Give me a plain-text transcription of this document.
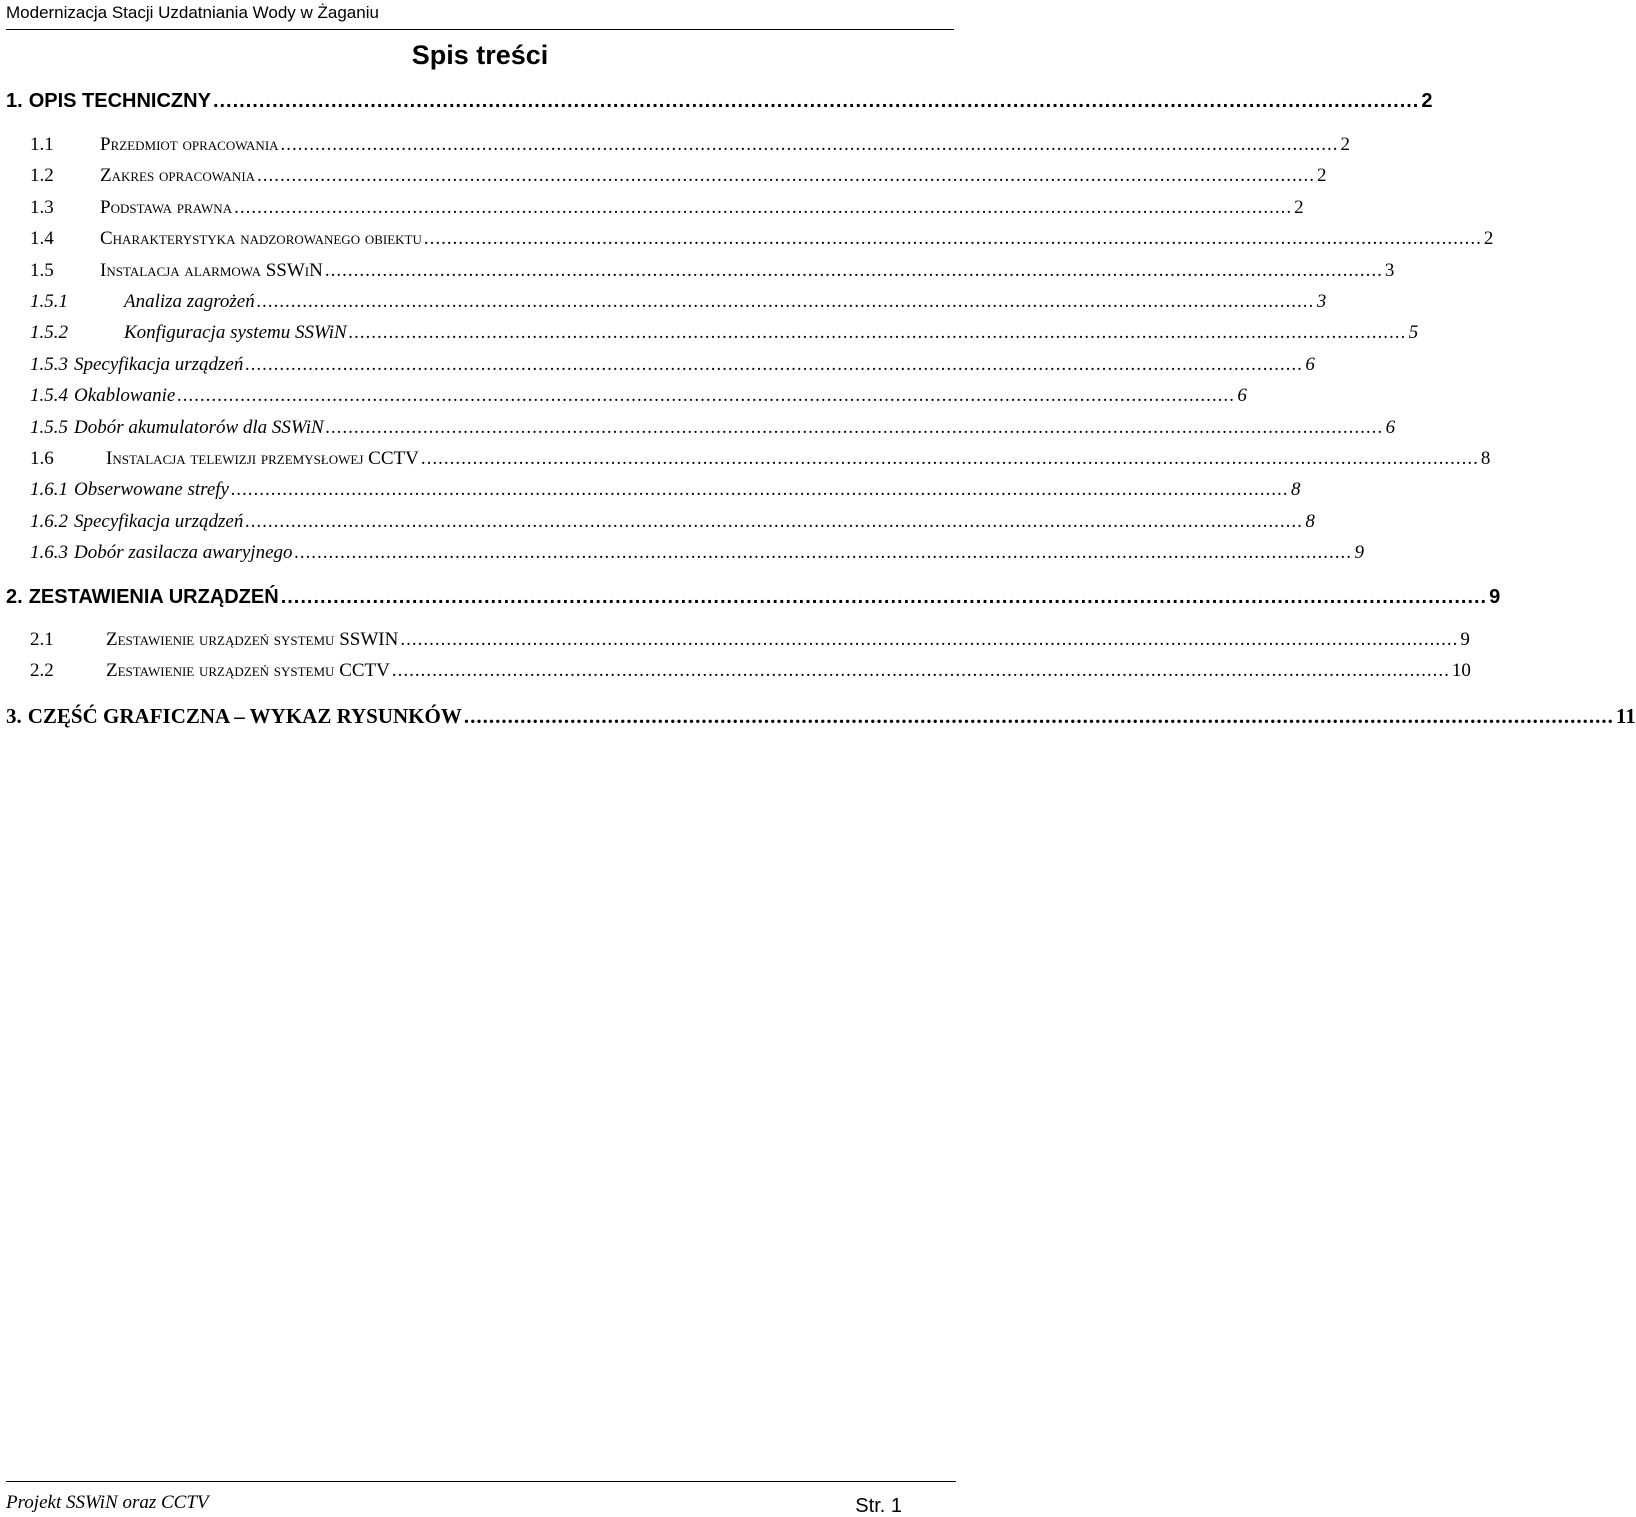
Modernizacja Stacji Uzdatniania Wody w Żaganiu
Spis treści
1. OPIS TECHNICZNY ........................................................................................................................................................................................ 2
1.1	Przedmiot opracowania ........................................................................................................................................................................................ 2
1.2	Zakres opracowania ........................................................................................................................................................................................ 2
1.3	Podstawa prawna ........................................................................................................................................................................................ 2
1.4	Charakterystyka nadzorowanego obiektu ........................................................................................................................................................................................ 2
1.5	Instalacja alarmowa SSWiN ........................................................................................................................................................................................ 3
1.5.1	Analiza zagrożeń ........................................................................................................................................................................................ 3
1.5.2	Konfiguracja systemu SSWiN ........................................................................................................................................................................................ 5
1.5.3 Specyfikacja urządzeń ........................................................................................................................................................................................ 6
1.5.4 Okablowanie ........................................................................................................................................................................................ 6
1.5.5 Dobór akumulatorów dla SSWiN ........................................................................................................................................................................................ 6
1.6	Instalacja telewizji przemysłowej CCTV ........................................................................................................................................................................................ 8
1.6.1 Obserwowane strefy ........................................................................................................................................................................................ 8
1.6.2 Specyfikacja urządzeń ........................................................................................................................................................................................ 8
1.6.3 Dobór zasilacza awaryjnego ........................................................................................................................................................................................ 9
2. ZESTAWIENIA URZĄDZEŃ ........................................................................................................................................................................................ 9
2.1	Zestawienie urządzeń systemu SSWIN ........................................................................................................................................................................................ 9
2.2	Zestawienie urządzeń systemu CCTV ........................................................................................................................................................................................ 10
3. CZĘŚĆ GRAFICZNA – WYKAZ RYSUNKÓW ........................................................................................................................................................................................ 11
Projekt SSWiN oraz CCTV	Str. 1
